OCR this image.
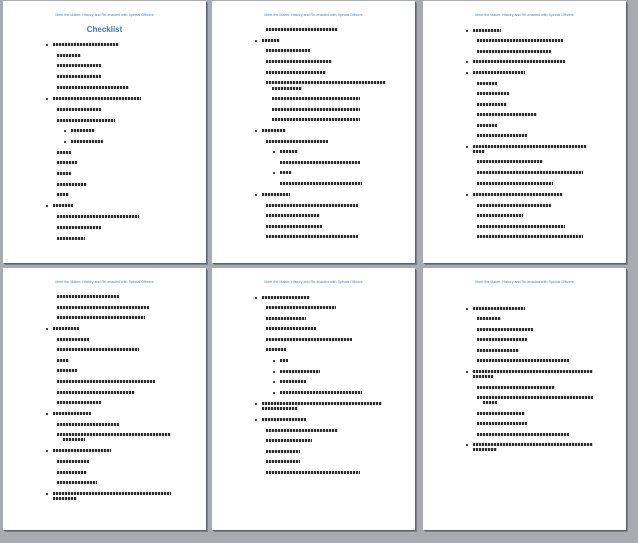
Meet the Maker: History and Re-enacted with Special Officers
Checklist
Meet the Maker: History and Re-enacted with Special Officers	Meet the Maker: History and Re-enacted with Special Officers
Meet the Maker: History and Re-enacted with Special Officers	Meet the Maker: History and Re-enacted with Special Officers	Meet the Maker: History and Re-enacted with Special Officers
